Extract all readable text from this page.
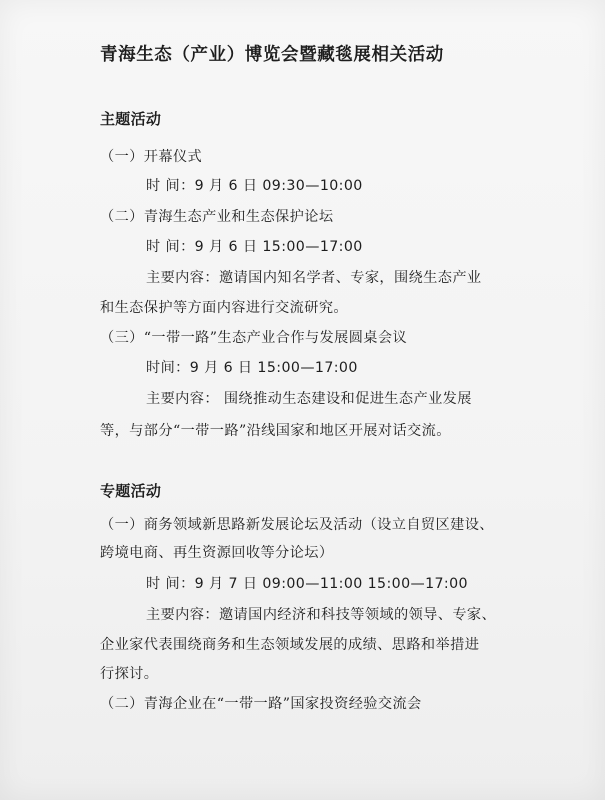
青海生态（产业）博览会暨藏毯展相关活动
主题活动
（一）开幕仪式
时 间：9 月 6 日 09:30—10:00
（二）青海生态产业和生态保护论坛
时 间：9 月 6 日 15:00—17:00
主要内容：邀请国内知名学者、专家，围绕生态产业
和生态保护等方面内容进行交流研究。
（三）“一带一路”生态产业合作与发展圆桌会议
时间：9 月 6 日 15:00—17:00
主要内容： 围绕推动生态建设和促进生态产业发展
等，与部分“一带一路”沿线国家和地区开展对话交流。
专题活动
（一）商务领域新思路新发展论坛及活动（设立自贸区建设、
跨境电商、再生资源回收等分论坛）
时 间：9 月 7 日 09:00—11:00 15:00—17:00
主要内容：邀请国内经济和科技等领域的领导、专家、
企业家代表围绕商务和生态领域发展的成绩、思路和举措进
行探讨。
（二）青海企业在“一带一路”国家投资经验交流会
